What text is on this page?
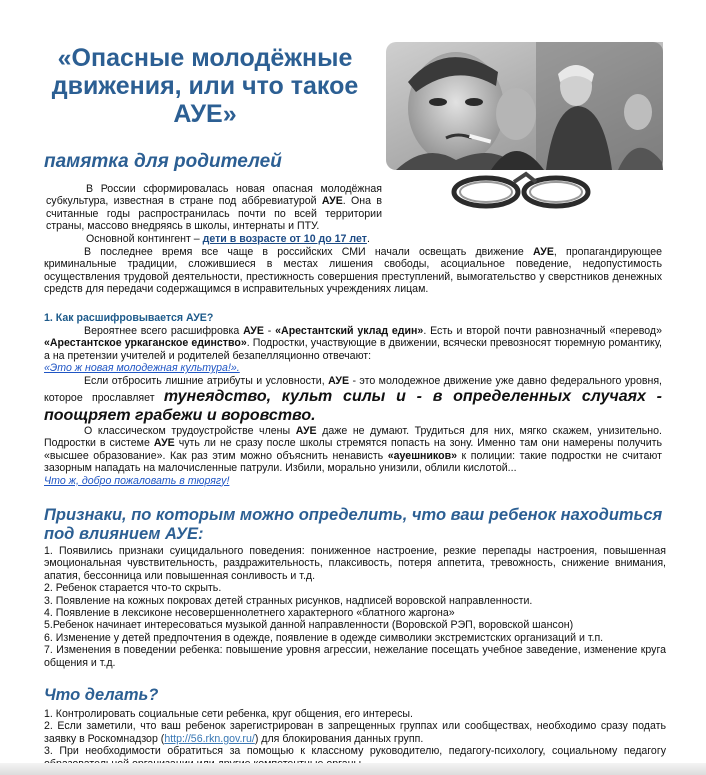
«Опасные молодёжные
движения, или что такое
АУЕ»
памятка для родителей

В России сформировалась новая опасная молодёжная субкультура, известная в стране под аббревиатурой АУЕ. Она в считанные годы распространилась почти по всей территории страны, массово внедряясь в школы, интернаты и ПТУ.

Основной контингент – дети в возрасте от 10 до 17 лет.

В последнее время все чаще в российских СМИ начали освещать движение АУЕ, пропагандирующее криминальные традиции, сложившиеся в местах лишения свободы, асоциальное поведение, недопустимость осуществления трудовой деятельности, престижность совершения преступлений, вымогательство у сверстников денежных средств для передачи содержащимся в исправительных учреждениях лицам.

1. Как расшифровывается АУЕ?

Вероятнее всего расшифровка АУЕ - «Арестантский уклад един». Есть и второй почти равнозначный «перевод» «Арестантское уркаганское единство». Подростки, участвующие в движении, всячески превозносят тюремную романтику, а на претензии учителей и родителей безапелляционно отвечают:

«Это ж новая молодежная культура!».

Если отбросить лишние атрибуты и условности, АУЕ - это молодежное движение уже давно федерального уровня, которое прославляет тунеядство, культ силы и - в определенных случаях - поощряет грабежи и воровство.

О классическом трудоустройстве члены АУЕ даже не думают. Трудиться для них, мягко скажем, унизительно. Подростки в системе АУЕ чуть ли не сразу после школы стремятся попасть на зону. Именно там они намерены получить «высшее образование». Как раз этим можно объяснить ненависть «ауешников» к полиции: такие подростки не считают зазорным нападать на малочисленные патрули. Избили, морально унизили, облили кислотой...

Что ж, добро пожаловать в тюрягу!

Признаки, по которым можно определить, что ваш ребенок находиться под влиянием АУЕ:

1. Появились признаки суицидального поведения: пониженное настроение, резкие перепады настроения, повышенная эмоциональная чувствительность, раздражительность, плаксивость, потеря аппетита, тревожность, снижение внимания, апатия, бессонница или повышенная сонливость и т.д.

2. Ребенок старается что-то скрыть.

3. Появление на кожных покровах детей странных рисунков, надписей воровской направленности.

4. Появление в лексиконе несовершеннолетнего характерного «блатного жаргона»

5.Ребенок начинает интересоваться музыкой данной направленности (Воровской РЭП, воровской шансон)

6. Изменение у детей предпочтения в одежде, появление в одежде символики экстремистских организаций и т.п.

7. Изменения в поведении ребенка: повышение уровня агрессии, нежелание посещать учебное заведение, изменение круга общения и т.д.

Что делать?

1. Контролировать социальные сети ребенка, круг общения, его интересы.

2. Если заметили, что ваш ребенок зарегистрирован в запрещенных группах или сообществах, необходимо сразу подать заявку в Роскомнадзор (http://56.rkn.gov.ru/) для блокирования данных групп.

3. При необходимости обратиться за помощью к классному руководителю, педагогу-психологу, социальному педагогу
